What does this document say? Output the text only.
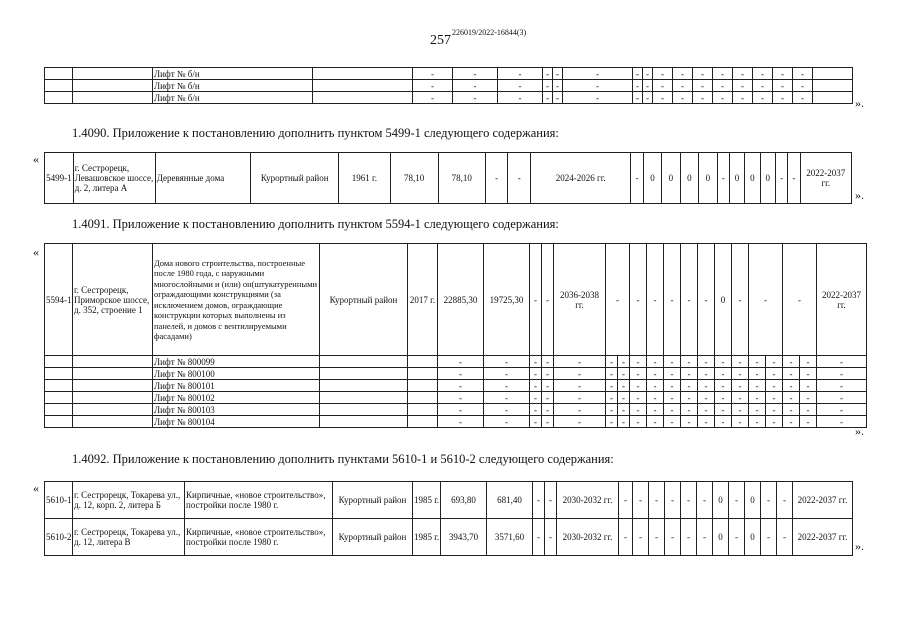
257
226019/2022-16844(3)
		Лифт № б/н		-	-	-	-	-	-	-	-	-	-	-	-	-	-	-	-	
		Лифт № б/н		-	-	-	-	-	-	-	-	-	-	-	-	-	-	-	-	
		Лифт № б/н		-	-	-	-	-	-	-	-	-	-	-	-	-	-	-	-		».
1.4090. Приложение к постановлению дополнить пунктом 5499-1 следующего содержания:
«
5499-1	г. Сестрорецк, Левашовское шоссе, д. 2, литера А	Деревянные дома	Курортный район	1961 г.	78,10	78,10	-	-	2024-2026 гг.	-	0	0	0	0	-	0	0	0	-	-	2022-2037 гг.
».
1.4091. Приложение к постановлению дополнить пунктом 5594-1 следующего содержания:
«
5594-1	г. Сестрорецк, Приморское шоссе, д. 352, строение 1	Дома нового строительства, построенные после 1980 года, с наружными многослойными и (или) он(штукатуренными ограждающими конструкциями (за исключением домов, ограждающие конструкции которых выполнены из панелей, и домов с вентилируемыми фасадами)	Курортный район	2017 г.	22885,30	19725,30	-	-	2036-2038 гг.	-		-	-	-	-	-	0	-	-		-		2022-2037 гг.
		Лифт № 800099			-	-	-	-	-	-	-	-	-	-	-	-	-	-	-	-	-	-	-
		Лифт № 800100			-	-	-	-	-	-	-	-	-	-	-	-	-	-	-	-	-	-	-
		Лифт № 800101			-	-	-	-	-	-	-	-	-	-	-	-	-	-	-	-	-	-	-
		Лифт № 800102			-	-	-	-	-	-	-	-	-	-	-	-	-	-	-	-	-	-	-
		Лифт № 800103			-	-	-	-	-	-	-	-	-	-	-	-	-	-	-	-	-	-	-
		Лифт № 800104			-	-	-	-	-	-	-	-	-	-	-	-	-	-	-	-	-	-	-
».
1.4092. Приложение к постановлению дополнить пунктами 5610-1 и 5610-2 следующего содержания:
«
5610-1	г. Сестрорецк, Токарева ул., д. 12, корп. 2, литера Б	Кирпичные, «новое строительство», постройки после 1980 г.	Курортный район	1985 г.	693,80	681,40	-	-	2030-2032 гг.	-	-	-	-	-	-	0	-	0	-	-	2022-2037 гг.
5610-2	г. Сестрорецк, Токарева ул., д. 12, литера В	Кирпичные, «новое строительство», постройки после 1980 г.	Курортный район	1985 г.	3943,70	3571,60	-	-	2030-2032 гг.	-	-	-	-	-	-	0	-	0	-	-	2022-2037 гг.
».
